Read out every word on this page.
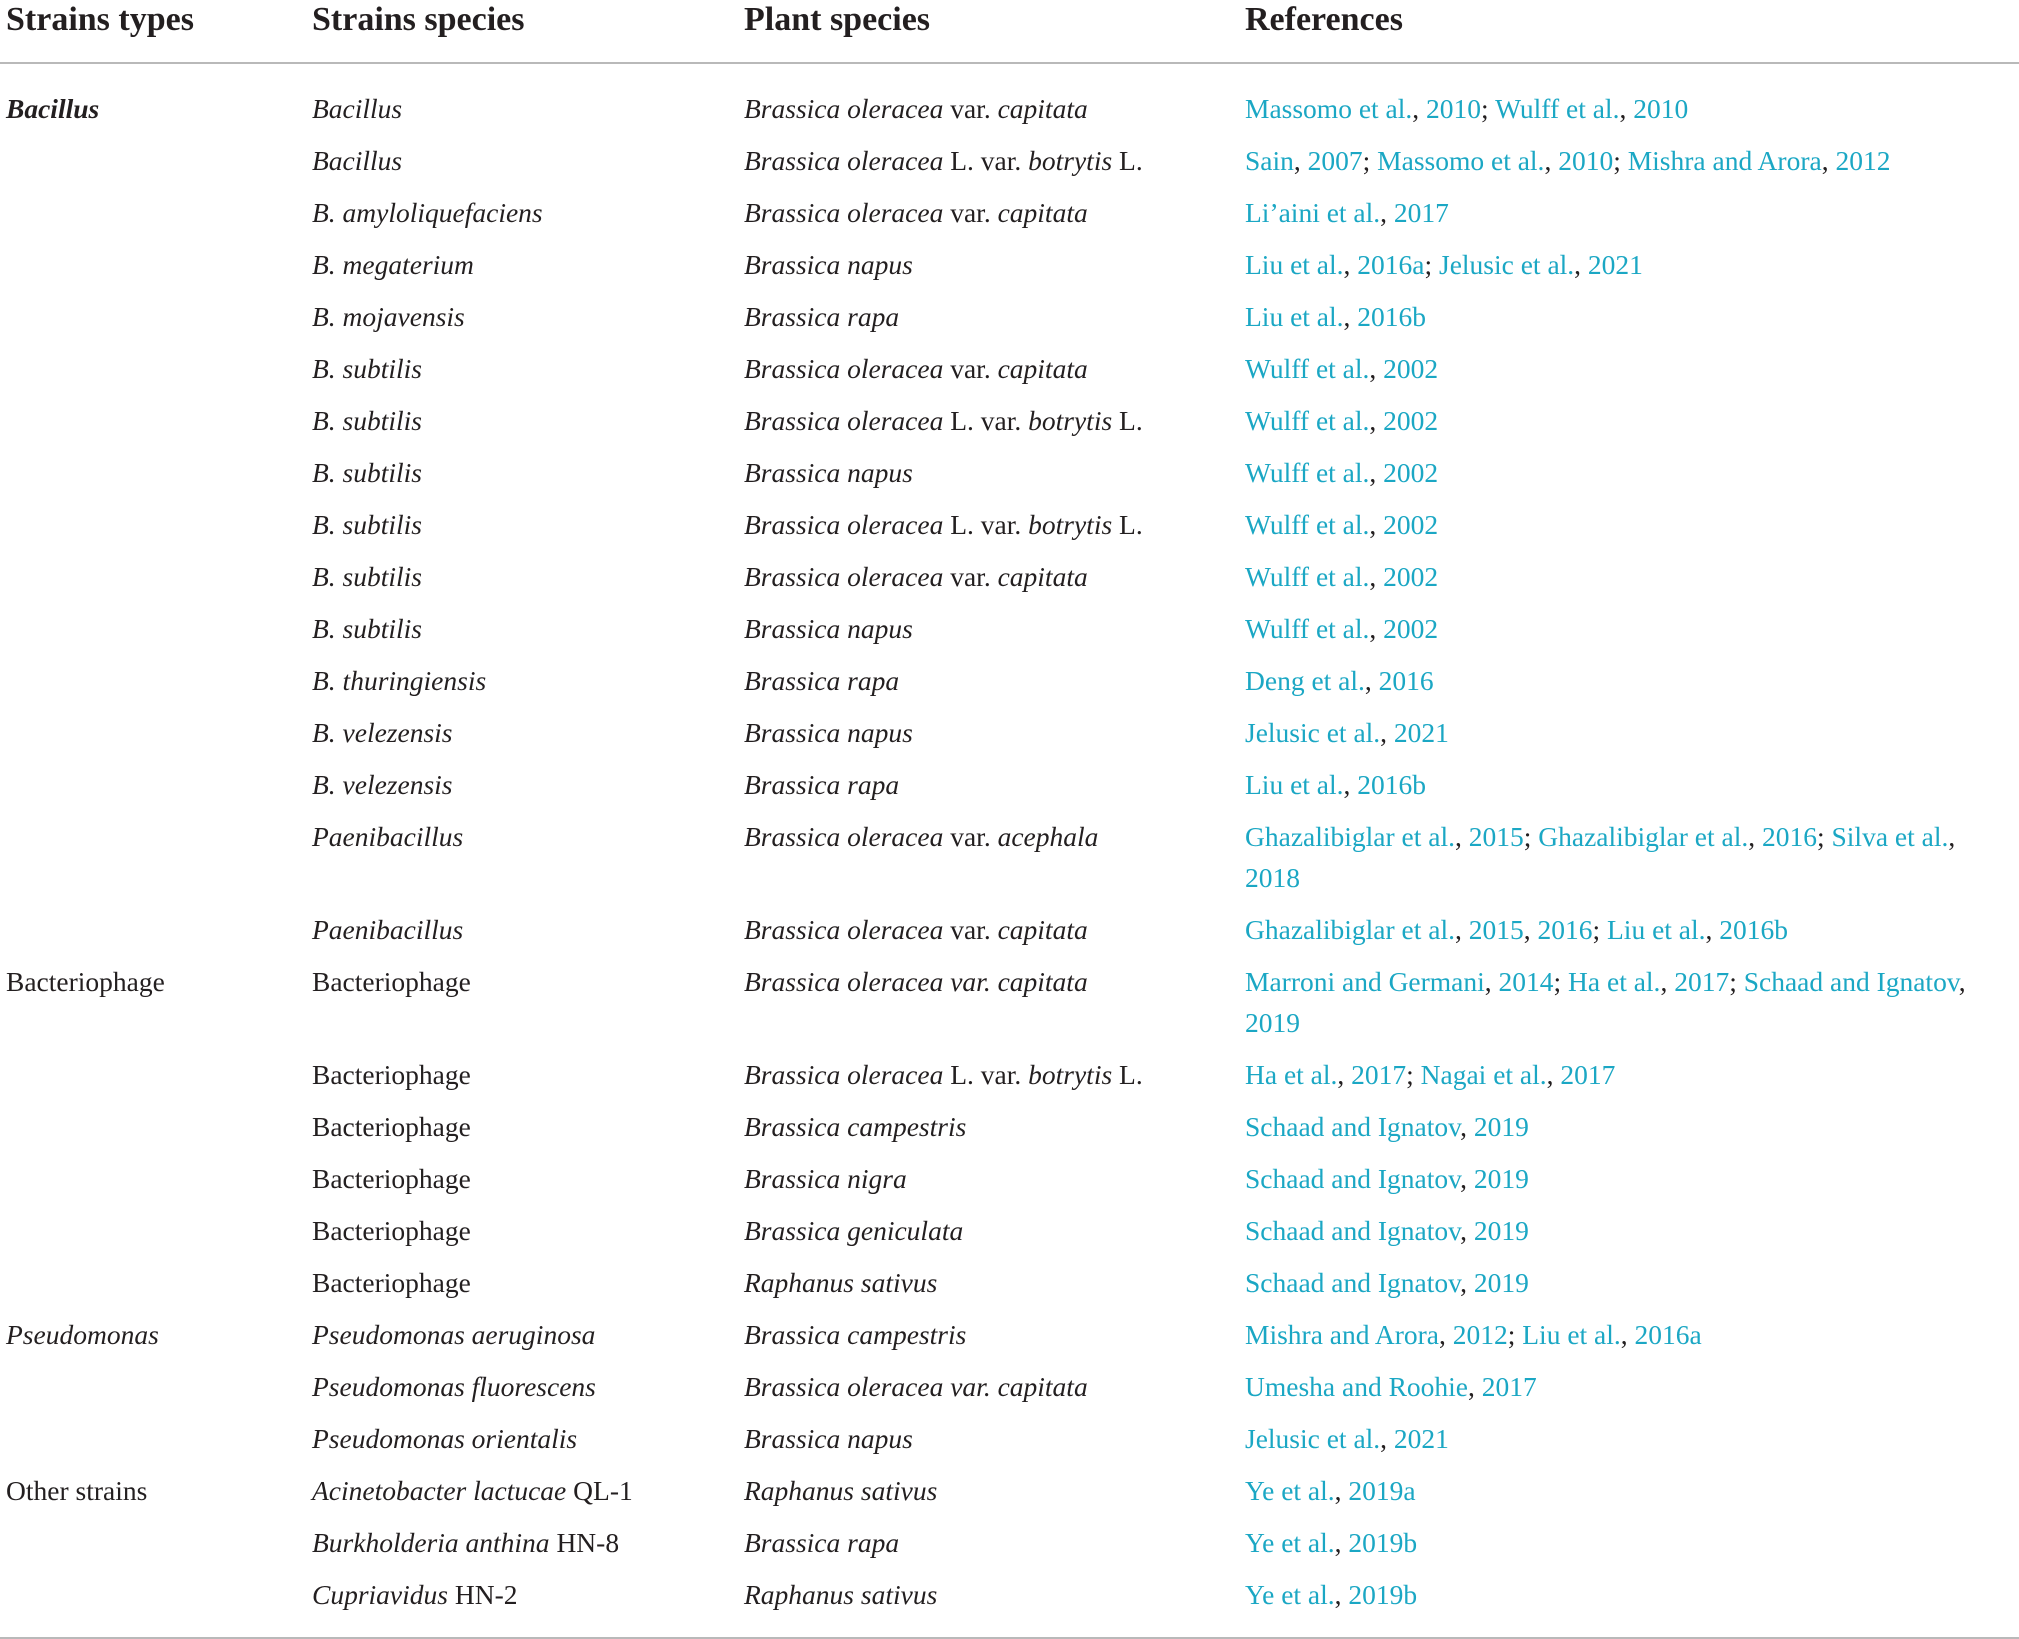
Strains types	Strains species	Plant species	References
Bacillus	Bacillus	Brassica oleracea var. capitata	Massomo et al., 2010; Wulff et al., 2010
	Bacillus	Brassica oleracea L. var. botrytis L.	Sain, 2007; Massomo et al., 2010; Mishra and Arora, 2012
	B. amyloliquefaciens	Brassica oleracea var. capitata	Li’aini et al., 2017
	B. megaterium	Brassica napus	Liu et al., 2016a; Jelusic et al., 2021
	B. mojavensis	Brassica rapa	Liu et al., 2016b
	B. subtilis	Brassica oleracea var. capitata	Wulff et al., 2002
	B. subtilis	Brassica oleracea L. var. botrytis L.	Wulff et al., 2002
	B. subtilis	Brassica napus	Wulff et al., 2002
	B. subtilis	Brassica oleracea L. var. botrytis L.	Wulff et al., 2002
	B. subtilis	Brassica oleracea var. capitata	Wulff et al., 2002
	B. subtilis	Brassica napus	Wulff et al., 2002
	B. thuringiensis	Brassica rapa	Deng et al., 2016
	B. velezensis	Brassica napus	Jelusic et al., 2021
	B. velezensis	Brassica rapa	Liu et al., 2016b
	Paenibacillus	Brassica oleracea var. acephala	Ghazalibiglar et al., 2015; Ghazalibiglar et al., 2016; Silva et al., 2018
	Paenibacillus	Brassica oleracea var. capitata	Ghazalibiglar et al., 2015, 2016; Liu et al., 2016b
Bacteriophage	Bacteriophage	Brassica oleracea var. capitata	Marroni and Germani, 2014; Ha et al., 2017; Schaad and Ignatov, 2019
	Bacteriophage	Brassica oleracea L. var. botrytis L.	Ha et al., 2017; Nagai et al., 2017
	Bacteriophage	Brassica campestris	Schaad and Ignatov, 2019
	Bacteriophage	Brassica nigra	Schaad and Ignatov, 2019
	Bacteriophage	Brassica geniculata	Schaad and Ignatov, 2019
	Bacteriophage	Raphanus sativus	Schaad and Ignatov, 2019
Pseudomonas	Pseudomonas aeruginosa	Brassica campestris	Mishra and Arora, 2012; Liu et al., 2016a
	Pseudomonas fluorescens	Brassica oleracea var. capitata	Umesha and Roohie, 2017
	Pseudomonas orientalis	Brassica napus	Jelusic et al., 2021
Other strains	Acinetobacter lactucae QL-1	Raphanus sativus	Ye et al., 2019a
	Burkholderia anthina HN-8	Brassica rapa	Ye et al., 2019b
	Cupriavidus HN-2	Raphanus sativus	Ye et al., 2019b
